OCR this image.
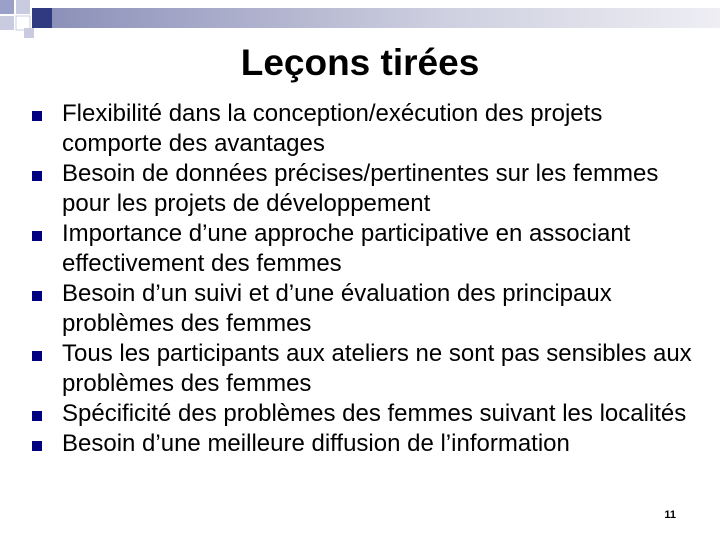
Leçons tirées
Flexibilité dans la conception/exécution des projets comporte des avantages
Besoin de données précises/pertinentes sur les femmes pour les projets de développement
Importance d’une approche participative en associant effectivement des femmes
Besoin d’un suivi et d’une évaluation des principaux problèmes des femmes
Tous les participants aux ateliers ne sont pas sensibles aux problèmes des femmes
Spécificité des problèmes des femmes suivant les localités
Besoin d’une meilleure diffusion de l’information
11
